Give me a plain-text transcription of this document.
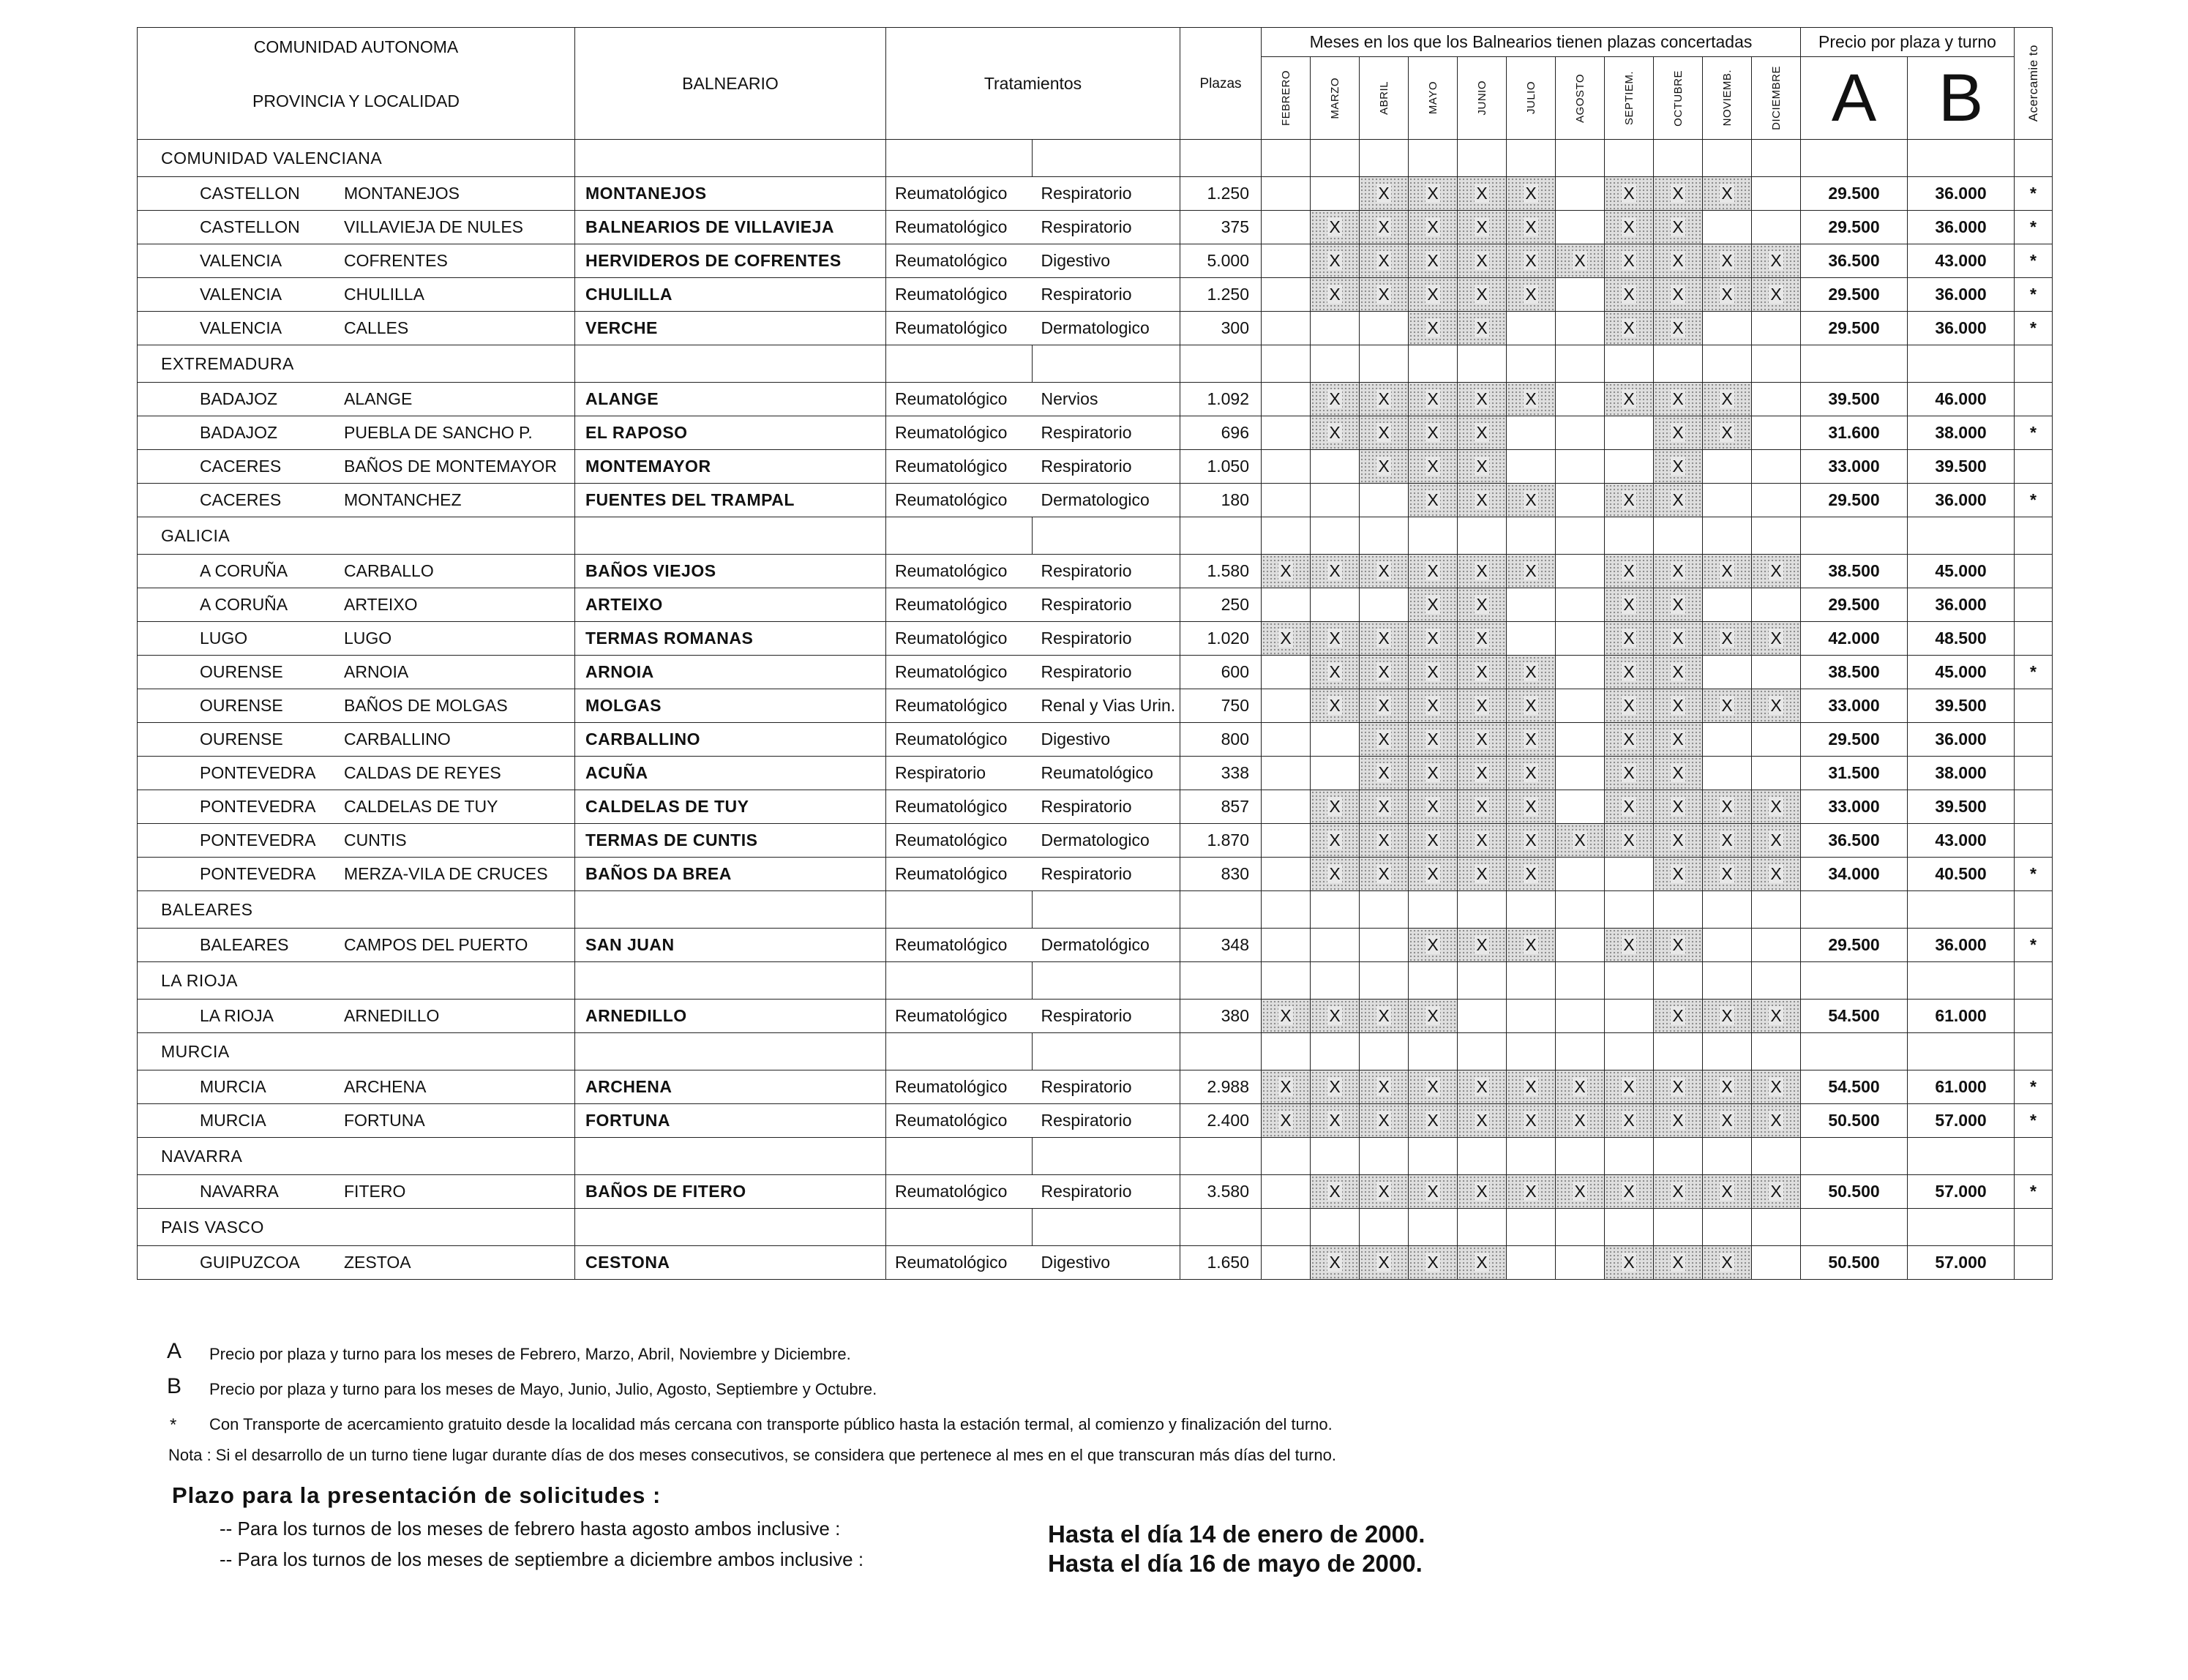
COMUNIDAD AUTONOMA
PROVINCIA Y LOCALIDAD	BALNEARIO	Tratamientos		Plazas	Meses en los que los Balnearios tienen plazas concertadas											Precio por plaza y turno		Acercamie to

					FEBRERO	MARZO	ABRIL	MAYO	JUNIO	JULIO	AGOSTO	SEPTIEM.	OCTUBRE	NOVIEMB.	DICIEMBRE	A	B	

COMUNIDAD VALENCIANA																		
CASTELLON MONTANEJOS	MONTANEJOS	Reumatológico	Respiratorio	1.250			X	X	X	X		X	X	X		29.500	36.000	*
CASTELLON VILLAVIEJA DE NULES	BALNEARIOS DE VILLAVIEJA	Reumatológico	Respiratorio	375		X	X	X	X	X		X	X			29.500	36.000	*
VALENCIA COFRENTES	HERVIDEROS DE COFRENTES	Reumatológico	Digestivo	5.000		X	X	X	X	X	X	X	X	X	X	36.500	43.000	*
VALENCIA CHULILLA	CHULILLA	Reumatológico	Respiratorio	1.250		X	X	X	X	X		X	X	X	X	29.500	36.000	*
VALENCIA CALLES	VERCHE	Reumatológico	Dermatologico	300				X	X			X	X			29.500	36.000	*
EXTREMADURA																		
BADAJOZ ALANGE	ALANGE	Reumatológico	Nervios	1.092		X	X	X	X	X		X	X	X		39.500	46.000	
BADAJOZ PUEBLA DE SANCHO P.	EL RAPOSO	Reumatológico	Respiratorio	696		X	X	X	X				X	X		31.600	38.000	*
CACERES BAÑOS DE MONTEMAYOR	MONTEMAYOR	Reumatológico	Respiratorio	1.050			X	X	X				X			33.000	39.500	
CACERES MONTANCHEZ	FUENTES DEL TRAMPAL	Reumatológico	Dermatologico	180				X	X	X		X	X			29.500	36.000	*
GALICIA																		
A CORUÑA CARBALLO	BAÑOS VIEJOS	Reumatológico	Respiratorio	1.580	X	X	X	X	X	X		X	X	X	X	38.500	45.000	
A CORUÑA ARTEIXO	ARTEIXO	Reumatológico	Respiratorio	250				X	X			X	X			29.500	36.000	
LUGO LUGO	TERMAS ROMANAS	Reumatológico	Respiratorio	1.020	X	X	X	X	X			X	X	X	X	42.000	48.500	
OURENSE ARNOIA	ARNOIA	Reumatológico	Respiratorio	600		X	X	X	X	X		X	X			38.500	45.000	*
OURENSE BAÑOS DE MOLGAS	MOLGAS	Reumatológico	Renal y Vias Urin.	750		X	X	X	X	X		X	X	X	X	33.000	39.500	
OURENSE CARBALLINO	CARBALLINO	Reumatológico	Digestivo	800			X	X	X	X		X	X			29.500	36.000	
PONTEVEDRA CALDAS DE REYES	ACUÑA	Respiratorio	Reumatológico	338			X	X	X	X		X	X			31.500	38.000	
PONTEVEDRA CALDELAS DE TUY	CALDELAS DE TUY	Reumatológico	Respiratorio	857		X	X	X	X	X		X	X	X	X	33.000	39.500	
PONTEVEDRA CUNTIS	TERMAS DE CUNTIS	Reumatológico	Dermatologico	1.870		X	X	X	X	X	X	X	X	X	X	36.500	43.000	
PONTEVEDRA MERZA-VILA DE CRUCES	BAÑOS DA BREA	Reumatológico	Respiratorio	830		X	X	X	X	X			X	X	X	34.000	40.500	*
BALEARES																		
BALEARES CAMPOS DEL PUERTO	SAN JUAN	Reumatológico	Dermatológico	348				X	X	X		X	X			29.500	36.000	*
LA RIOJA																		
LA RIOJA ARNEDILLO	ARNEDILLO	Reumatológico	Respiratorio	380	X	X	X	X					X	X	X	54.500	61.000	
MURCIA																		
MURCIA ARCHENA	ARCHENA	Reumatológico	Respiratorio	2.988	X	X	X	X	X	X	X	X	X	X	X	54.500	61.000	*
MURCIA FORTUNA	FORTUNA	Reumatológico	Respiratorio	2.400	X	X	X	X	X	X	X	X	X	X	X	50.500	57.000	*
NAVARRA																		
NAVARRA FITERO	BAÑOS DE FITERO	Reumatológico	Respiratorio	3.580		X	X	X	X	X	X	X	X	X	X	50.500	57.000	*
PAIS VASCO																		
GUIPUZCOA ZESTOA	CESTONA	Reumatológico	Digestivo	1.650		X	X	X	X			X	X	X		50.500	57.000	
A Precio por plaza y turno para los meses de Febrero, Marzo, Abril, Noviembre y Diciembre.
B Precio por plaza y turno para los meses de Mayo, Junio, Julio, Agosto, Septiembre y Octubre.
* Con Transporte de acercamiento gratuito desde la localidad más cercana con transporte público hasta la estación termal, al comienzo y finalización del turno.
Nota : Si el desarrollo de un turno tiene lugar durante días de dos meses consecutivos, se considera que pertenece al mes en el que transcuran más días del turno.
Plazo para la presentación de solicitudes :
-- Para los turnos de los meses de febrero hasta agosto ambos inclusive :	Hasta el día 14 de enero de 2000.
-- Para los turnos de los meses de septiembre a diciembre ambos inclusive :	Hasta el día 16 de mayo de 2000.
